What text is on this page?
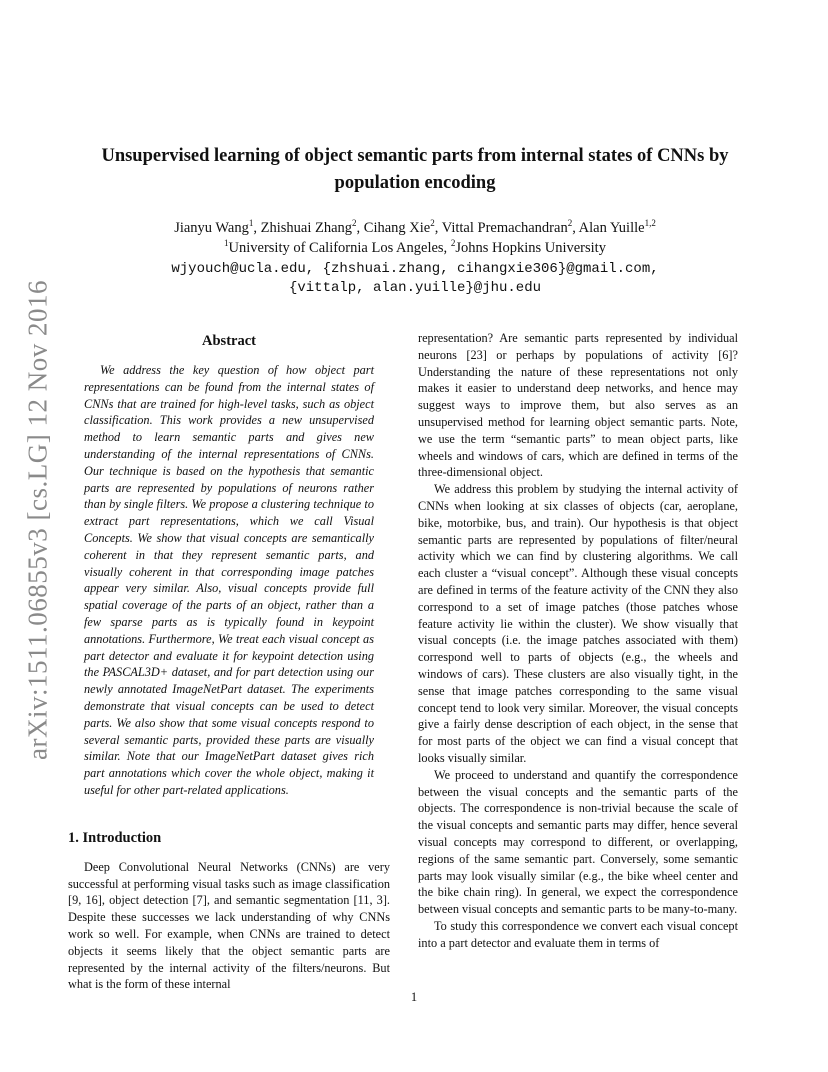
arXiv:1511.06855v3 [cs.LG] 12 Nov 2016
Unsupervised learning of object semantic parts from internal states of CNNs by
population encoding
Jianyu Wang$^1$, Zhishuai Zhang$^2$, Cihang Xie$^2$, Vittal Premachandran$^2$, Alan Yuille$^{1,2}$
$^1$University of California Los Angeles, $^2$Johns Hopkins University
wjyouch@ucla.edu, {zhshuai.zhang, cihangxie306}@gmail.com,
{vittalp, alan.yuille}@jhu.edu
Abstract

We address the key question of how object part representations can be found from the internal states of CNNs that are trained for high-level tasks, such as object classification. This work provides a new unsupervised method to learn semantic parts and gives new understanding of the internal representations of CNNs. Our technique is based on the hypothesis that semantic parts are represented by populations of neurons rather than by single filters. We propose a clustering technique to extract part representations, which we call Visual Concepts. We show that visual concepts are semantically coherent in that they represent semantic parts, and visually coherent in that corresponding image patches appear very similar. Also, visual concepts provide full spatial coverage of the parts of an object, rather than a few sparse parts as is typically found in keypoint annotations. Furthermore, We treat each visual concept as part detector and evaluate it for keypoint detection using the PASCAL3D+ dataset, and for part detection using our newly annotated ImageNetPart dataset. The experiments demonstrate that visual concepts can be used to detect parts. We also show that some visual concepts respond to several semantic parts, provided these parts are visually similar. Note that our ImageNetPart dataset gives rich part annotations which cover the whole object, making it useful for other part-related applications.

1. Introduction

Deep Convolutional Neural Networks (CNNs) are very successful at performing visual tasks such as image classification [9, 16], object detection [7], and semantic segmentation [11, 3]. Despite these successes we lack understanding of why CNNs work so well. For example, when CNNs are trained to detect objects it seems likely that the object semantic parts are represented by the internal activity of the filters/neurons. But what is the form of these internal

representation? Are semantic parts represented by individual neurons [23] or perhaps by populations of activity [6]? Understanding the nature of these representations not only makes it easier to understand deep networks, and hence may suggest ways to improve them, but also serves as an unsupervised method for learning object semantic parts. Note, we use the term “semantic parts” to mean object parts, like wheels and windows of cars, which are defined in terms of the three-dimensional object.

We address this problem by studying the internal activity of CNNs when looking at six classes of objects (car, aeroplane, bike, motorbike, bus, and train). Our hypothesis is that object semantic parts are represented by populations of filter/neural activity which we can find by clustering algorithms. We call each cluster a “visual concept”. Although these visual concepts are defined in terms of the feature activity of the CNN they also correspond to a set of image patches (those patches whose feature activity lie within the cluster). We show visually that visual concepts (i.e. the image patches associated with them) correspond well to parts of objects (e.g., the wheels and windows of cars). These clusters are also visually tight, in the sense that image patches corresponding to the same visual concept tend to look very similar. Moreover, the visual concepts give a fairly dense description of each object, in the sense that for most parts of the object we can find a visual concept that looks visually similar.

We proceed to understand and quantify the correspondence between the visual concepts and the semantic parts of the objects. The correspondence is non-trivial because the scale of the visual concepts and semantic parts may differ, hence several visual concepts may correspond to different, or overlapping, regions of the same semantic part. Conversely, some semantic parts may look visually similar (e.g., the bike wheel center and the bike chain ring). In general, we expect the correspondence between visual concepts and semantic parts to be many-to-many.

To study this correspondence we convert each visual concept into a part detector and evaluate them in terms of

1
